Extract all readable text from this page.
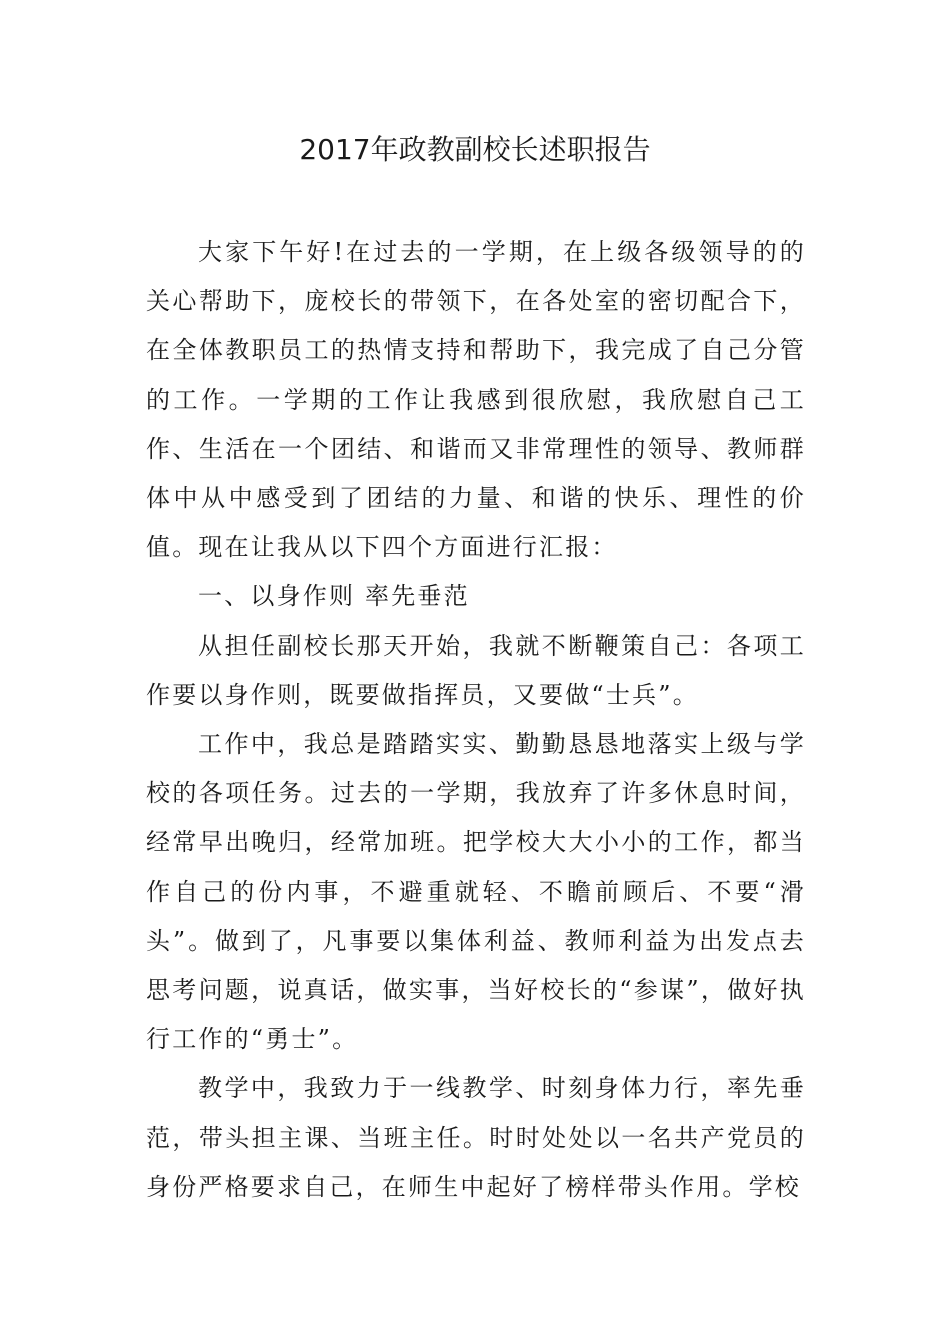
2017年政教副校长述职报告

大家下午好!在过去的一学期，在上级各级领导的的关心帮助下，庞校长的带领下，在各处室的密切配合下，在全体教职员工的热情支持和帮助下，我完成了自己分管的工作。一学期的工作让我感到很欣慰，我欣慰自己工作、生活在一个团结、和谐而又非常理性的领导、教师群体中从中感受到了团结的力量、和谐的快乐、理性的价值。现在让我从以下四个方面进行汇报：

一、以身作则 率先垂范

从担任副校长那天开始，我就不断鞭策自己：各项工作要以身作则，既要做指挥员，又要做“士兵”。

工作中，我总是踏踏实实、勤勤恳恳地落实上级与学校的各项任务。过去的一学期，我放弃了许多休息时间，经常早出晚归，经常加班。把学校大大小小的工作，都当作自己的份内事，不避重就轻、不瞻前顾后、不要“滑头”。做到了，凡事要以集体利益、教师利益为出发点去思考问题，说真话，做实事，当好校长的“参谋”，做好执行工作的“勇士”。

教学中，我致力于一线教学、时刻身体力行，率先垂范，带头担主课、当班主任。时时处处以一名共产党员的身份严格要求自己，在师生中起好了榜样带头作用。学校
